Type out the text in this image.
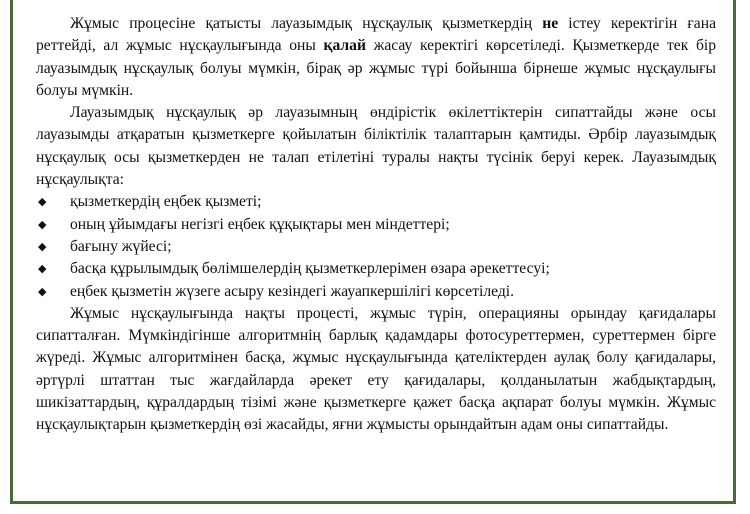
Жұмыс процесіне қатысты лауазымдық нұсқаулық қызметкердің не істеу керектігін ғана реттейді, ал жұмыс нұсқаулығында оны қалай жасау керектігі көрсетіледі. Қызметкерде тек бір лауазымдық нұсқаулық болуы мүмкін, бірақ әр жұмыс түрі бойынша бірнеше жұмыс нұсқаулығы болуы мүмкін.

Лауазымдық нұсқаулық әр лауазымның өндірістік өкілеттіктерін сипаттайды және осы лауазымды атқаратын қызметкерге қойылатын біліктілік талаптарын қамтиды. Әрбір лауазымдық нұсқаулық осы қызметкерден не талап етілетіні туралы нақты түсінік беруі керек. Лауазымдық нұсқаулықта:

◆ қызметкердің еңбек қызметі;
◆ оның ұйымдағы негізгі еңбек құқықтары мен міндеттері;
◆ бағыну жүйесі;
◆ басқа құрылымдық бөлімшелердің қызметкерлерімен өзара әрекеттесуі;
◆ еңбек қызметін жүзеге асыру кезіндегі жауапкершілігі көрсетіледі.

Жұмыс нұсқаулығында нақты процесті, жұмыс түрін, операцияны орындау қағидалары сипатталған. Мүмкіндігінше алгоритмнің барлық қадамдары фотосуреттермен, суреттермен бірге жүреді. Жұмыс алгоритмінен басқа, жұмыс нұсқаулығында қателіктерден аулақ болу қағидалары, әртүрлі штаттан тыс жағдайларда әрекет ету қағидалары, қолданылатын жабдықтардың, шикізаттардың, құралдардың тізімі және қызметкерге қажет басқа ақпарат болуы мүмкін. Жұмыс нұсқаулықтарын қызметкердің өзі жасайды, яғни жұмысты орындайтын адам оны сипаттайды.
